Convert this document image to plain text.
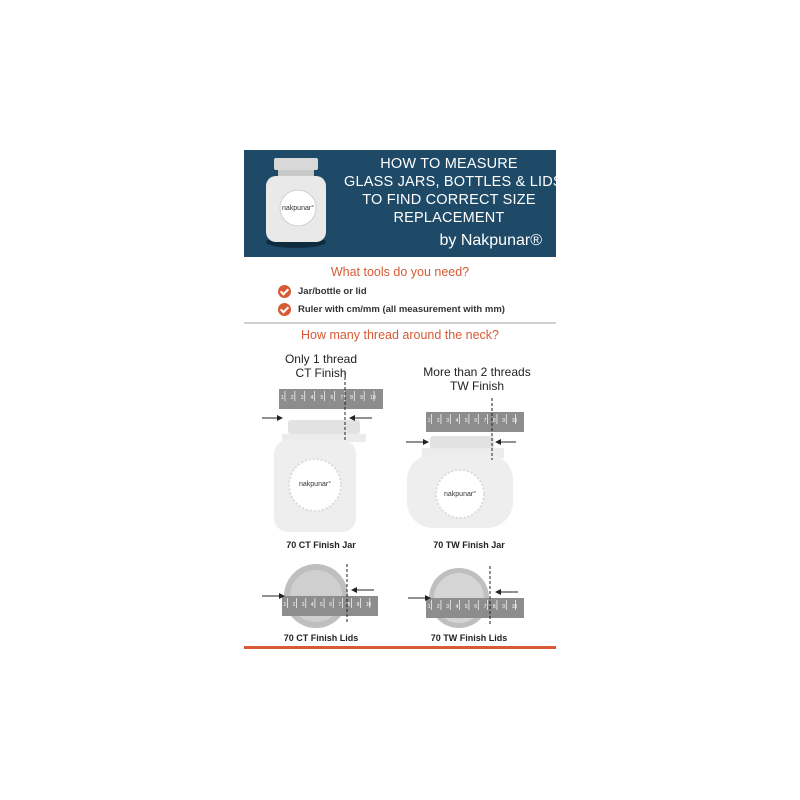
nakpunar°
HOW TO MEASURE
GLASS JARS, BOTTLES & LIDS
TO FIND CORRECT SIZE
REPLACEMENT
by Nakpunar®
What tools do you need?
Jar/bottle or lid
Ruler with cm/mm (all measurement with mm)
How many thread around the neck?
Only 1 thread
CT Finish	More than 2 threads
TW Finish
nakpunar°
1 2 3 4 5 6 7 8 9 10
nakpunar°
1 2 3 4 5 6 7 8 9 10
1 2 3 4 5 6 7 8 9 10	1 2 3 4 5 6 7 8 9 10
70 CT Finish Jar	70 TW Finish Jar
70 CT Finish Lids	70 TW Finish Lids
